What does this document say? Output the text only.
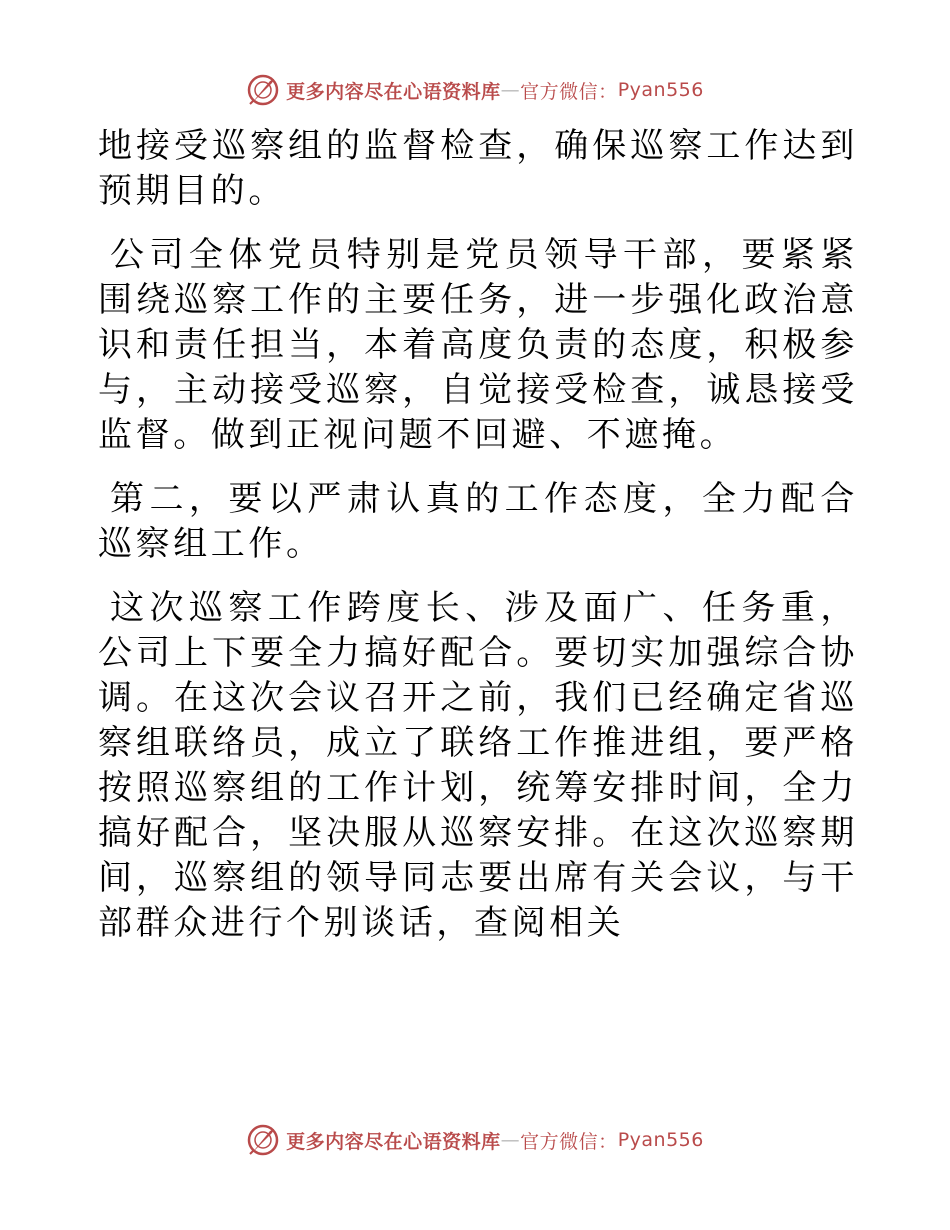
更多内容尽在心语资料库 — 官方微信： Pyan556

地接受巡察组的监督检查，确保巡察工作达到预期目的。

公司全体党员特别是党员领导干部，要紧紧围绕巡察工作的主要任务，进一步强化政治意识和责任担当，本着高度负责的态度，积极参与，主动接受巡察，自觉接受检查，诚恳接受监督。做到正视问题不回避、不遮掩。

第二，要以严肃认真的工作态度，全力配合巡察组工作。

这次巡察工作跨度长、涉及面广、任务重，公司上下要全力搞好配合。要切实加强综合协调。在这次会议召开之前，我们已经确定省巡察组联络员，成立了联络工作推进组，要严格按照巡察组的工作计划，统筹安排时间，全力搞好配合，坚决服从巡察安排。在这次巡察期间，巡察组的领导同志要出席有关会议，与干部群众进行个别谈话，查阅相关

更多内容尽在心语资料库 — 官方微信： Pyan556
